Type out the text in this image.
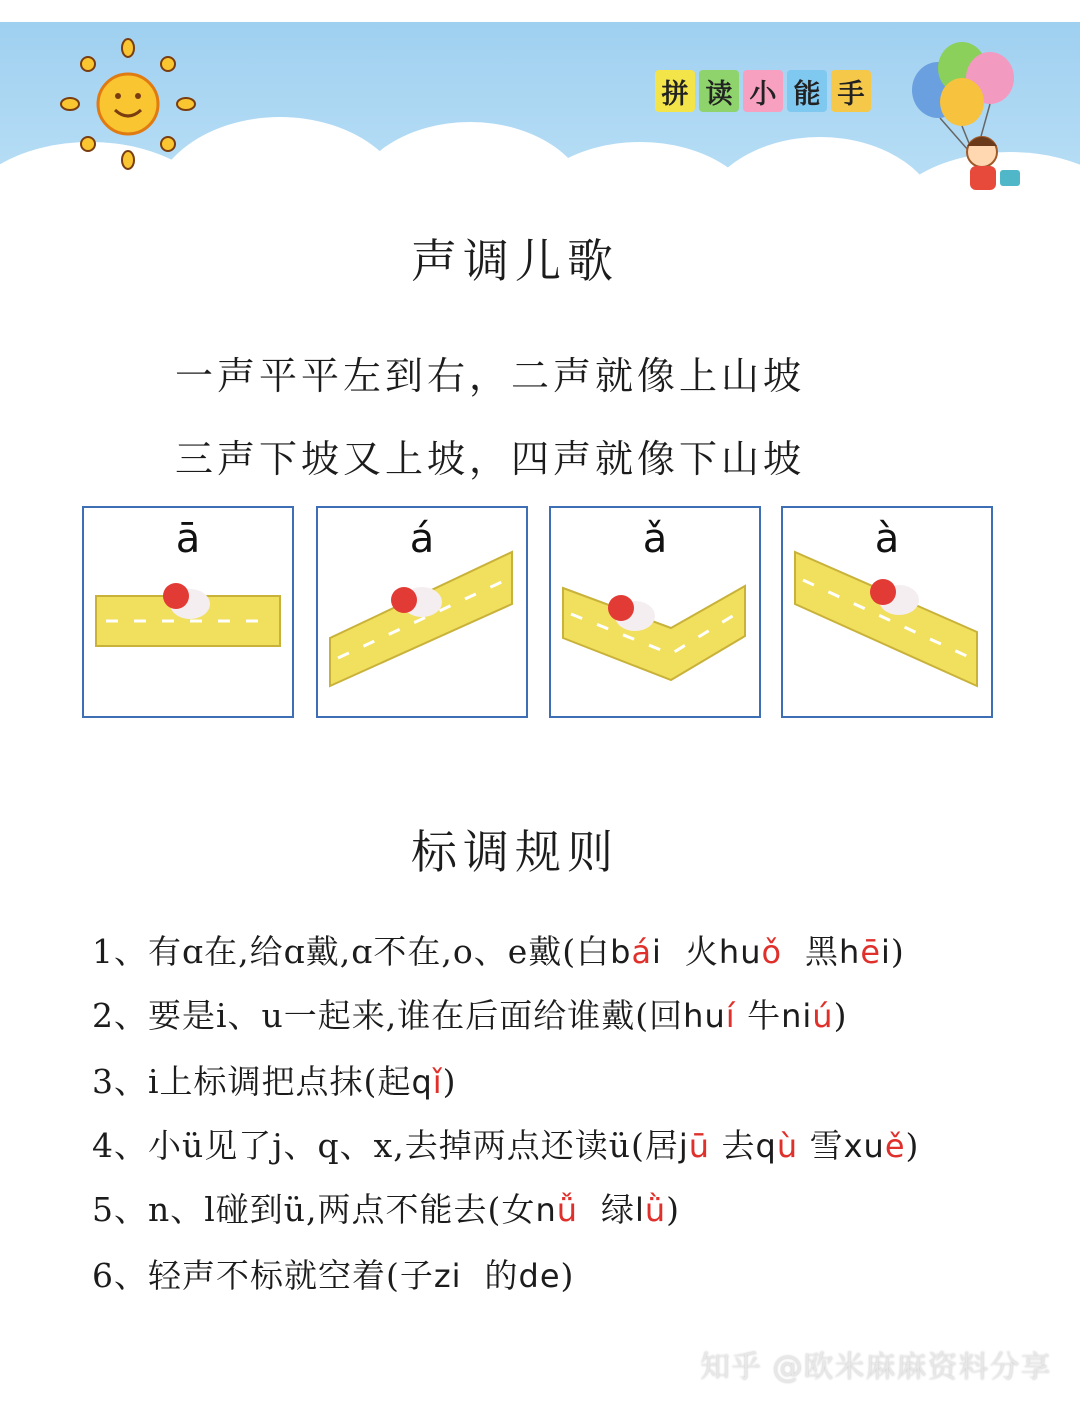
拼 读 小 能 手
声调儿歌
一声平平左到右，二声就像上山坡
三声下坡又上坡，四声就像下山坡
ā	á	ǎ	à
标调规则
1、有ɑ在,给ɑ戴,ɑ不在,o、e戴(白bái 火huǒ 黑hēi)
2、要是i、u一起来,谁在后面给谁戴(回huí 牛niú)
3、i上标调把点抹(起qǐ)
4、小ü见了j、q、x,去掉两点还读ü(居jū 去qù 雪xuě)
5、n、l碰到ü,两点不能去(女nǚ 绿lǜ)
6、轻声不标就空着(子zi 的de)
知乎 @欧米麻麻资料分享
